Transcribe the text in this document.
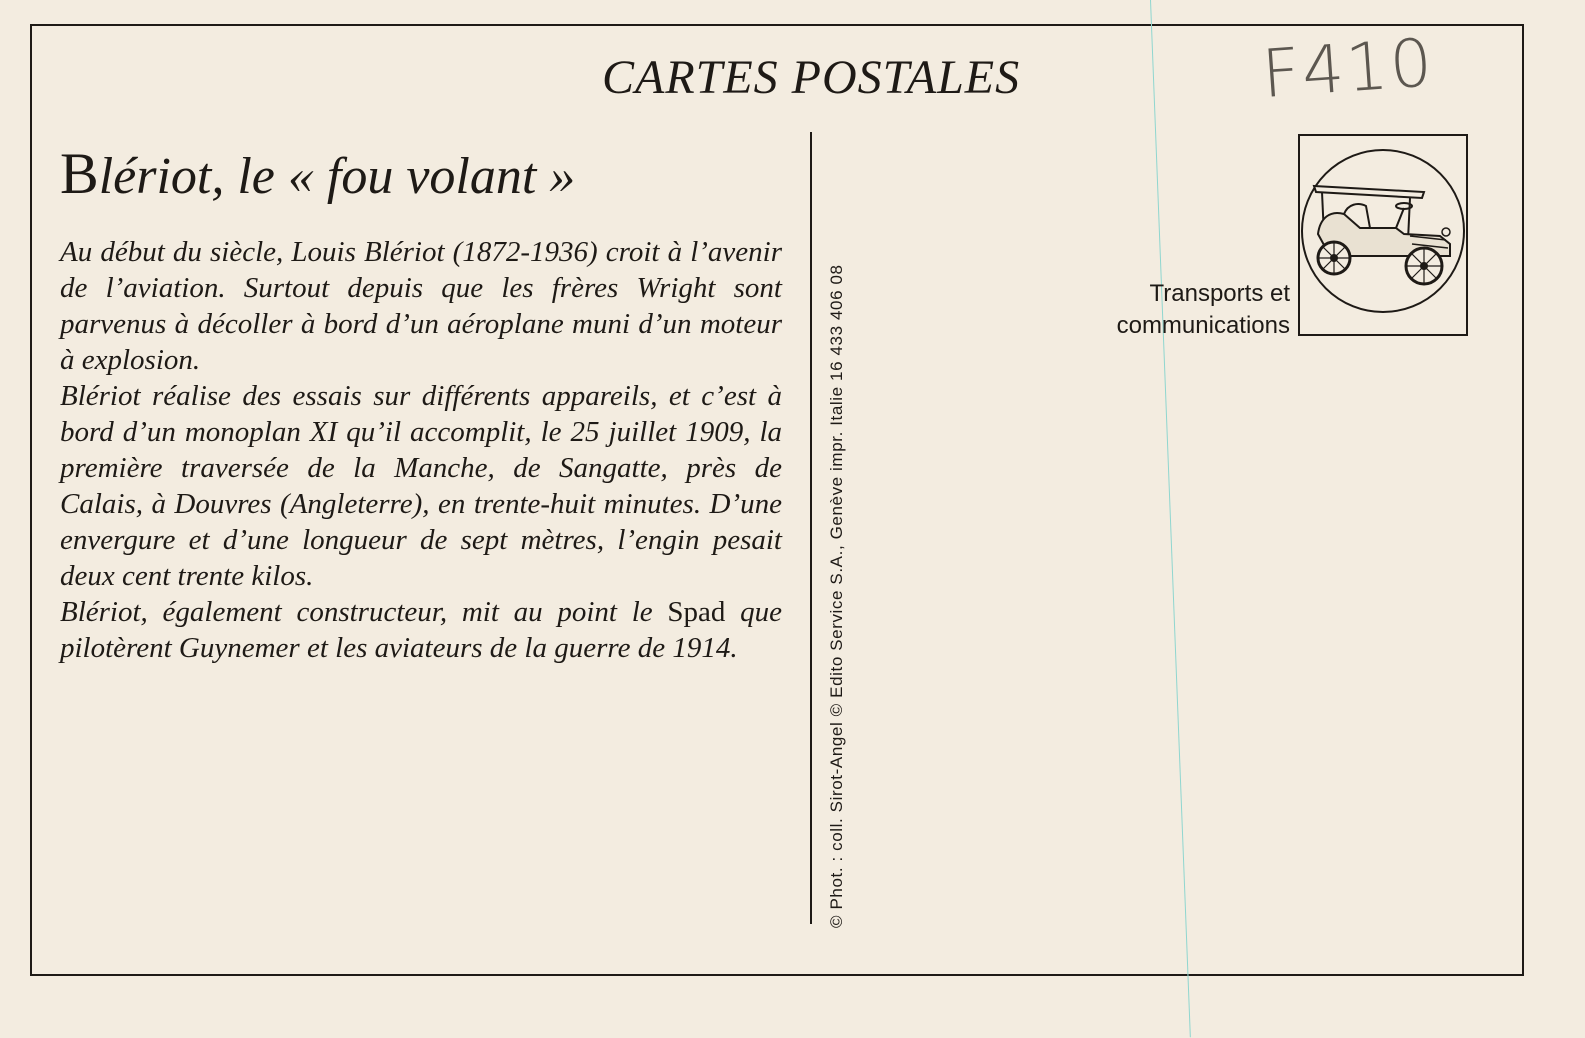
CARTES POSTALES	F410
Blériot, le « fou volant »

Au début du siècle, Louis Blériot (1872-1936) croit à l’avenir de l’aviation. Surtout depuis que les frères Wright sont parvenus à décoller à bord d’un aéroplane muni d’un moteur à explosion.

Blériot réalise des essais sur différents appareils, et c’est à bord d’un monoplan XI qu’il accomplit, le 25 juillet 1909, la première traversée de la Manche, de Sangatte, près de Calais, à Douvres (Angleterre), en trente-huit minutes. D’une envergure et d’une longueur de sept mètres, l’engin pesait deux cent trente kilos.

Blériot, également constructeur, mit au point le Spad que pilotèrent Guynemer et les aviateurs de la guerre de 1914.	© Phot. : coll. Sirot-Angel © Edito Service S.A., Genève impr. Italie 16 433 406 08	Transports et
communications
